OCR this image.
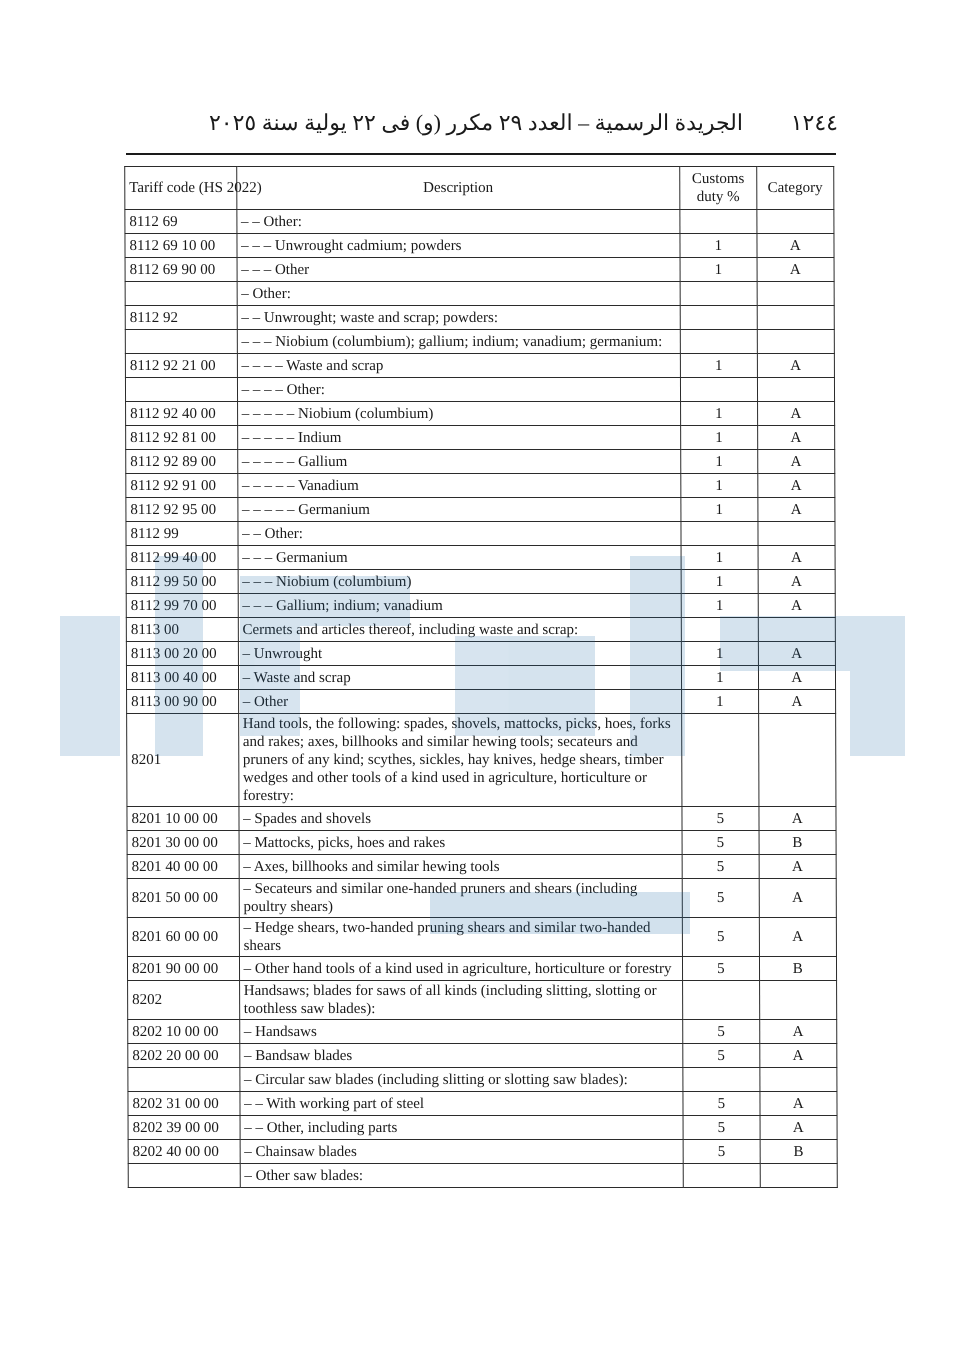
١٢٤٤
الجريدة الرسمية – العدد ٢٩ مكرر (و) فى ٢٢ يولية سنة ٢٠٢٥
Tariff code (HS 2022)	Description	Customs duty %	Category
8112 69	– – Other:		
8112 69 10 00	– – – Unwrought cadmium; powders	1	A
8112 69 90 00	– – – Other	1	A
	– Other:		
8112 92	– – Unwrought; waste and scrap; powders:		
	– – – Niobium (columbium); gallium; indium; vanadium; germanium:		
8112 92 21 00	– – – – Waste and scrap	1	A
	– – – – Other:		
8112 92 40 00	– – – – – Niobium (columbium)	1	A
8112 92 81 00	– – – – – Indium	1	A
8112 92 89 00	– – – – – Gallium	1	A
8112 92 91 00	– – – – – Vanadium	1	A
8112 92 95 00	– – – – – Germanium	1	A
8112 99	– – Other:		
8112 99 40 00	– – – Germanium	1	A
8112 99 50 00	– – – Niobium (columbium)	1	A
8112 99 70 00	– – – Gallium; indium; vanadium	1	A
8113 00	Cermets and articles thereof, including waste and scrap:		
8113 00 20 00	– Unwrought	1	A
8113 00 40 00	– Waste and scrap	1	A
8113 00 90 00	– Other	1	A
8201	Hand tools, the following: spades, shovels, mattocks, picks, hoes, forks and rakes; axes, billhooks and similar hewing tools; secateurs and pruners of any kind; scythes, sickles, hay knives, hedge shears, timber wedges and other tools of a kind used in agriculture, horticulture or forestry:		
8201 10 00 00	– Spades and shovels	5	A
8201 30 00 00	– Mattocks, picks, hoes and rakes	5	B
8201 40 00 00	– Axes, billhooks and similar hewing tools	5	A
8201 50 00 00	– Secateurs and similar one-handed pruners and shears (including poultry shears)	5	A
8201 60 00 00	– Hedge shears, two-handed pruning shears and similar two-handed shears	5	A
8201 90 00 00	– Other hand tools of a kind used in agriculture, horticulture or forestry	5	B
8202	Handsaws; blades for saws of all kinds (including slitting, slotting or toothless saw blades):		
8202 10 00 00	– Handsaws	5	A
8202 20 00 00	– Bandsaw blades	5	A
	– Circular saw blades (including slitting or slotting saw blades):		
8202 31 00 00	– – With working part of steel	5	A
8202 39 00 00	– – Other, including parts	5	A
8202 40 00 00	– Chainsaw blades	5	B
	– Other saw blades:		
